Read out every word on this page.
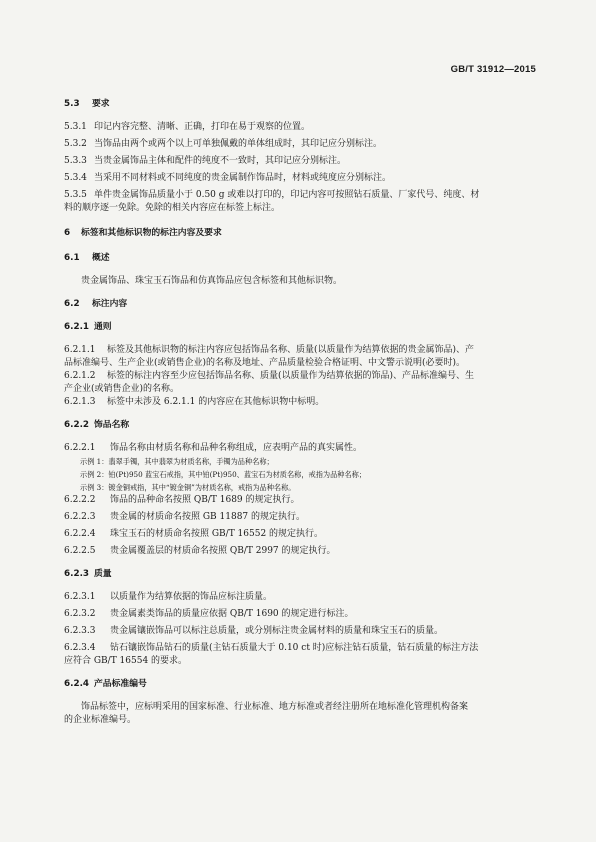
GB/T 31912—2015

5.3 要求

5.3.1 印记内容完整、清晰、正确，打印在易于观察的位置。

5.3.2 当饰品由两个或两个以上可单独佩戴的单体组成时，其印记应分别标注。

5.3.3 当贵金属饰品主体和配件的纯度不一致时，其印记应分别标注。

5.3.4 当采用不同材料或不同纯度的贵金属制作饰品时，材料或纯度应分别标注。

5.3.5 单件贵金属饰品质量小于 0.50 g 或难以打印的，印记内容可按照钻石质量、厂家代号、纯度、材

料的顺序逐一免除。免除的相关内容应在标签上标注。

6 标签和其他标识物的标注内容及要求

6.1 概述

贵金属饰品、珠宝玉石饰品和仿真饰品应包含标签和其他标识物。

6.2 标注内容

6.2.1 通则

6.2.1.1 标签及其他标识物的标注内容应包括饰品名称、质量(以质量作为结算依据的贵金属饰品)、产

品标准编号、生产企业(或销售企业)的名称及地址、产品质量检验合格证明、中文警示说明(必要时)。

6.2.1.2 标签的标注内容至少应包括饰品名称、质量(以质量作为结算依据的饰品)、产品标准编号、生

产企业(或销售企业)的名称。

6.2.1.3 标签中未涉及 6.2.1.1 的内容应在其他标识物中标明。

6.2.2 饰品名称

6.2.2.1 饰品名称由材质名称和品种名称组成，应表明产品的真实属性。

示例 1：翡翠手镯，其中翡翠为材质名称，手镯为品种名称；

示例 2：铂(Pt)950 蓝宝石戒指，其中铂(Pt)950、蓝宝石为材质名称，戒指为品种名称；

示例 3：镀金铜戒指，其中“镀金铜”为材质名称，戒指为品种名称。

6.2.2.2 饰品的品种命名按照 QB/T 1689 的规定执行。

6.2.2.3 贵金属的材质命名按照 GB 11887 的规定执行。

6.2.2.4 珠宝玉石的材质命名按照 GB/T 16552 的规定执行。

6.2.2.5 贵金属覆盖层的材质命名按照 QB/T 2997 的规定执行。

6.2.3 质量

6.2.3.1 以质量作为结算依据的饰品应标注质量。

6.2.3.2 贵金属素类饰品的质量应依据 QB/T 1690 的规定进行标注。

6.2.3.3 贵金属镶嵌饰品可以标注总质量，或分别标注贵金属材料的质量和珠宝玉石的质量。

6.2.3.4 钻石镶嵌饰品钻石的质量(主钻石质量大于 0.10 ct 时)应标注钻石质量，钻石质量的标注方法

应符合 GB/T 16554 的要求。

6.2.4 产品标准编号

饰品标签中，应标明采用的国家标准、行业标准、地方标准或者经注册所在地标准化管理机构备案

的企业标准编号。
